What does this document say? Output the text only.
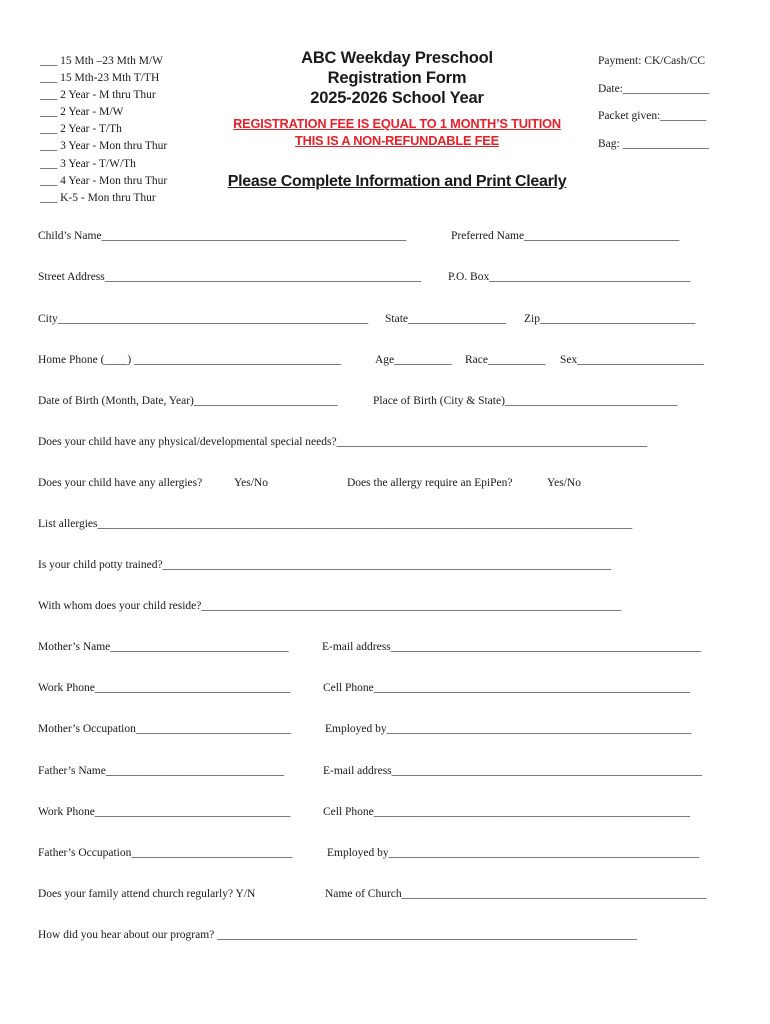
___ 15 Mth –23 Mth M/W
___ 15 Mth-23 Mth T/TH
___ 2 Year - M thru Thur
___ 2 Year - M/W
___ 2 Year - T/Th
___ 3 Year - Mon thru Thur
___ 3 Year - T/W/Th
___ 4 Year - Mon thru Thur
___ K-5 - Mon thru Thur
ABC Weekday Preschool
Registration Form
2025-2026 School Year
REGISTRATION FEE IS EQUAL TO 1 MONTH’S TUITION
THIS IS A NON-REFUNDABLE FEE
Please Complete Information and Print Clearly
Payment: CK/Cash/CC
Date:_______________
Packet given:________
Bag: _______________
Child’s Name_____________________________________________________	Preferred Name___________________________
Street Address_______________________________________________________ P.O. Box___________________________________
City______________________________________________________ State_________________ Zip___________________________
Home Phone (____) ____________________________________	Age__________ Race__________ Sex______________________
Date of Birth (Month, Date, Year)_________________________	Place of Birth (City & State)______________________________
Does your child have any physical/developmental special needs?______________________________________________________
Does your child have any allergies?	Yes/No	Does the allergy require an EpiPen?	Yes/No
List allergies_____________________________________________________________________________________________
Is your child potty trained?______________________________________________________________________________
With whom does your child reside?_________________________________________________________________________
Mother’s Name_______________________________	E-mail address______________________________________________________
Work Phone__________________________________	Cell Phone_______________________________________________________
Mother’s Occupation___________________________	Employed by_____________________________________________________
Father’s Name_______________________________	E-mail address______________________________________________________
Work Phone__________________________________	Cell Phone_______________________________________________________
Father’s Occupation____________________________	Employed by______________________________________________________
Does your family attend church regularly? Y/N	Name of Church_____________________________________________________
How did you hear about our program? _________________________________________________________________________
